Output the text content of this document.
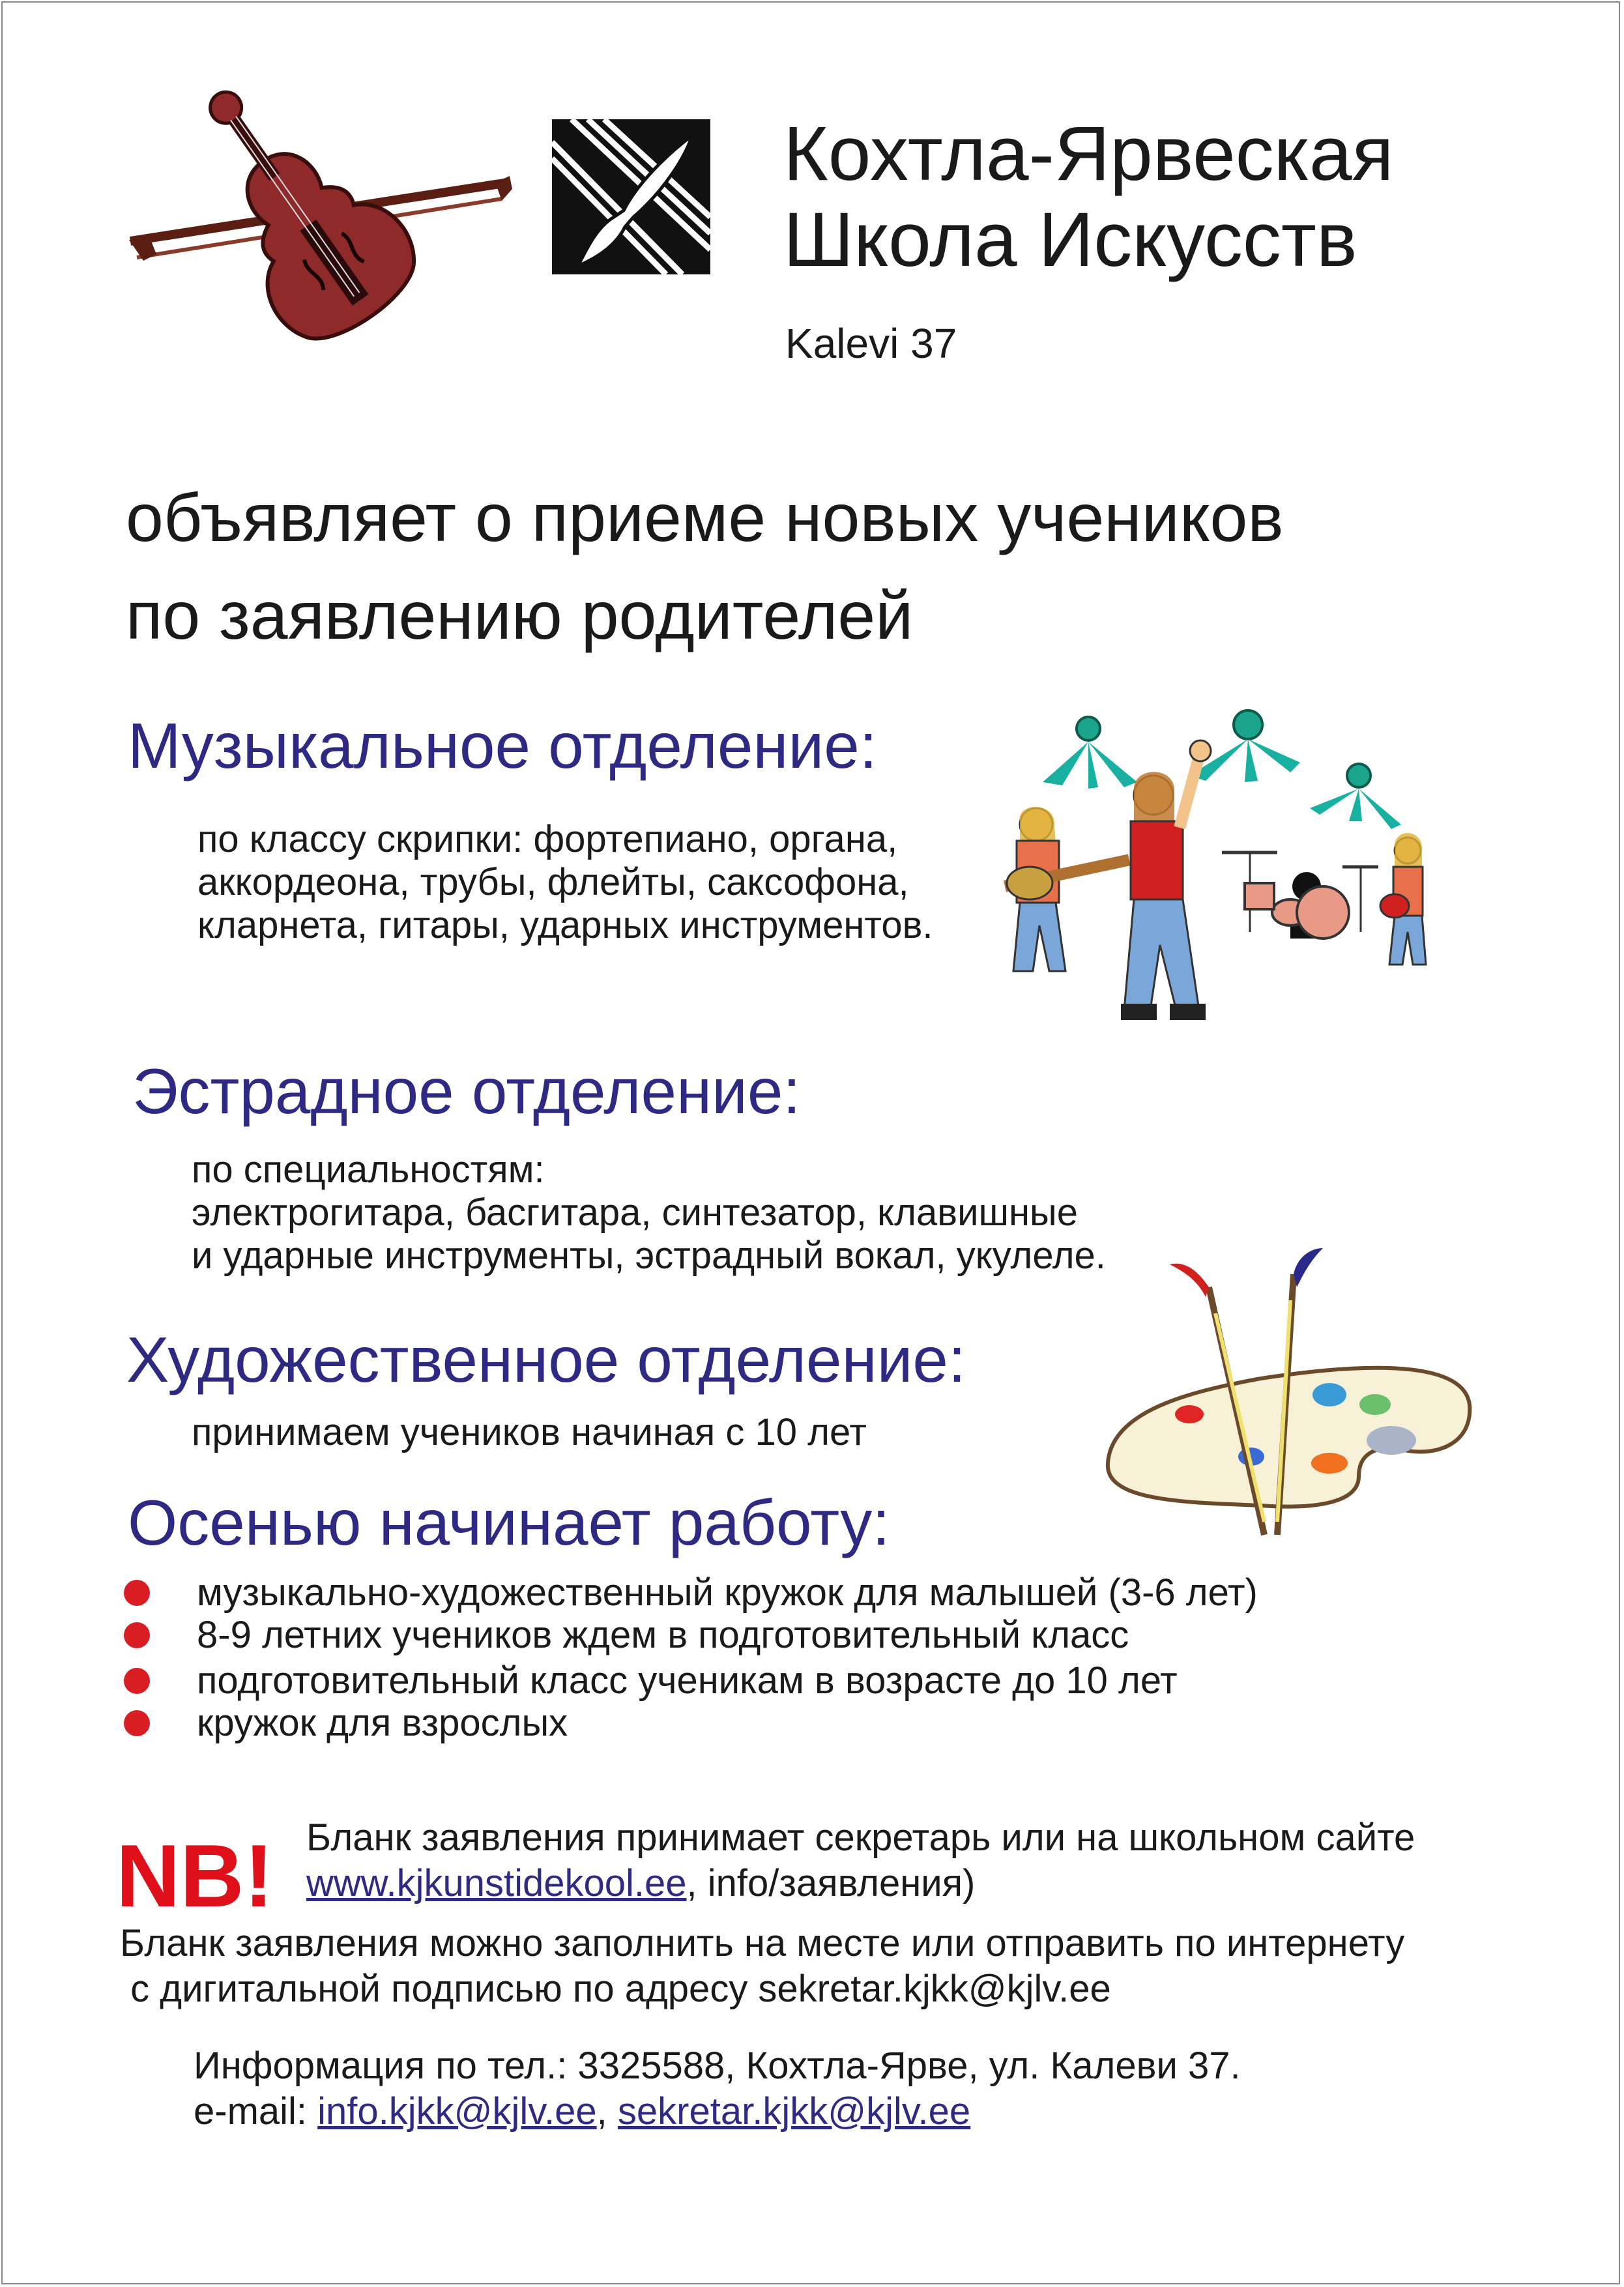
Кохтла-Ярвеская
Школа Искусств
Kalevi 37
объявляет о приеме новых учеников
по заявлению родителей
Музыкальное отделение:
по классу скрипки: фортепиано, органа,
аккордеона, трубы, флейты, саксофона,
кларнета, гитары, ударных инструментов.
Эстрадное отделение:
по специальностям:
электрогитара, басгитара, синтезатор, клавишные
и ударные инструменты, эстрадный вокал, укулеле.
Художественное отделение:
принимаем учеников начиная с 10 лет
Осенью начинает работу:
музыкально-художественный кружок для малышей (3-6 лет)
8-9 летних учеников ждем в подготовительный класс
подготовительный класс ученикам в возрасте до 10 лет
кружок для взрослых
NB! Бланк заявления принимает секретарь или на школьном сайте
www.kjkunstidekool.ee, info/заявления)
Бланк заявления можно заполнить на месте или отправить по интернету
с дигитальной подписью по адресу sekretar.kjkk@kjlv.ee
Информация по тел.: 3325588, Кохтла-Ярве, ул. Калеви 37.
e-mail: info.kjkk@kjlv.ee, sekretar.kjkk@kjlv.ee
